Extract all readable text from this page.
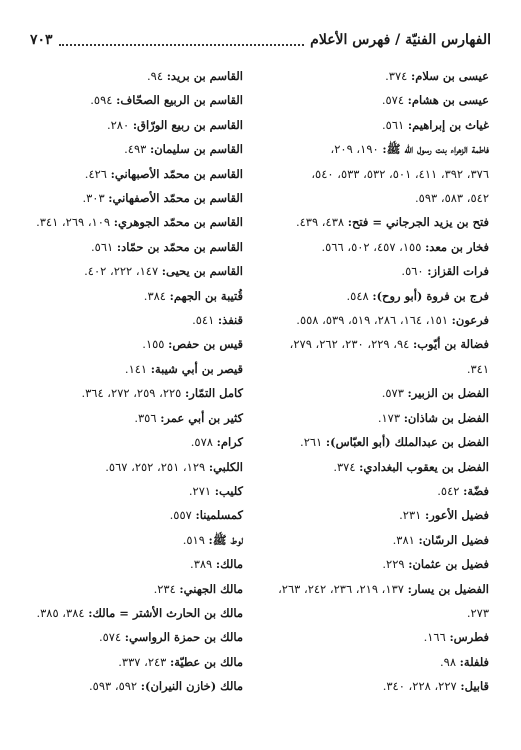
الفهارس الفنيّة / فهرس الأعلام
٧٠٣
عيسى بن سلام: ٣٧٤.
عيسى بن هشام: ٥٧٤.
غياث بن إبراهيم: ٥٦١.
فاطمة الزهراء بنت رسول الله ﷺ: ١٩٠، ٢٠٩،
٣٧٦، ٣٩٢، ٤١١، ٥٠١، ٥٣٢، ٥٣٣، ٥٤٠،
٥٤٢، ٥٨٣، ٥٩٣.
فتح بن يزيد الجرجاني = فتح: ٤٣٨، ٤٣٩.
فخار بن معد: ١٥٥، ٤٥٧، ٥٠٢، ٥٦٦.
فرات القزاز: ٥٦٠.
فرج بن فروة (أبو روح): ٥٤٨.
فرعون: ١٥١، ١٦٤، ٢٨٦، ٥١٩، ٥٣٩، ٥٥٨.
فضالة بن أيّوب: ٩٤، ٢٢٩، ٢٣٠، ٢٦٢، ٢٧٩،
٣٤١.
الفضل بن الزبير: ٥٧٣.
الفضل بن شاذان: ١٧٣.
الفضل بن عبدالملك (أبو العبّاس): ٢٦١.
الفضل بن يعقوب البغدادي: ٣٧٤.
فضّة: ٥٤٢.
فضيل الأعور: ٢٣١.
فضيل الرسّان: ٣٨١.
فضيل بن عثمان: ٢٢٩.
الفضيل بن يسار: ١٣٧، ٢١٩، ٢٣٦، ٢٤٢، ٢٦٣،
٢٧٣.
فطرس: ١٦٦.
فلفلة: ٩٨.
قابيل: ٢٢٧، ٢٢٨، ٣٤٠.
القاسم بن بريد: ٩٤.
القاسم بن الربيع الصحّاف: ٥٩٤.
القاسم بن ربيع الورّاق: ٢٨٠.
القاسم بن سليمان: ٤٩٣.
القاسم بن محمّد الأصبهاني: ٤٢٦.
القاسم بن محمّد الأصفهاني: ٣٠٣.
القاسم بن محمّد الجوهري: ١٠٩، ٢٦٩، ٣٤١.
القاسم بن محمّد بن حمّاد: ٥٦١.
القاسم بن يحيى: ١٤٧، ٢٢٢، ٤٠٢.
قُتيبة بن الجهم: ٣٨٤.
قنفذ: ٥٤١.
قيس بن حفص: ١٥٥.
قيصر بن أبي شيبة: ١٤١.
كامل التمّار: ٢٢٥، ٢٥٩، ٢٧٢، ٣٦٤.
كثير بن أبي عمر: ٣٥٦.
كرام: ٥٧٨.
الكلبي: ١٢٩، ٢٥١، ٢٥٢، ٥٦٧.
كليب: ٢٧١.
كمسلمينا: ٥٥٧.
لوط ﷺ: ٥١٩.
مالك: ٣٨٩.
مالك الجهني: ٢٣٤.
مالك بن الحارث الأشتر = مالك: ٣٨٤، ٣٨٥.
مالك بن حمزة الرواسي: ٥٧٤.
مالك بن عطيّة: ٢٤٣، ٣٣٧.
مالك (خازن النيران): ٥٩٢، ٥٩٣.
